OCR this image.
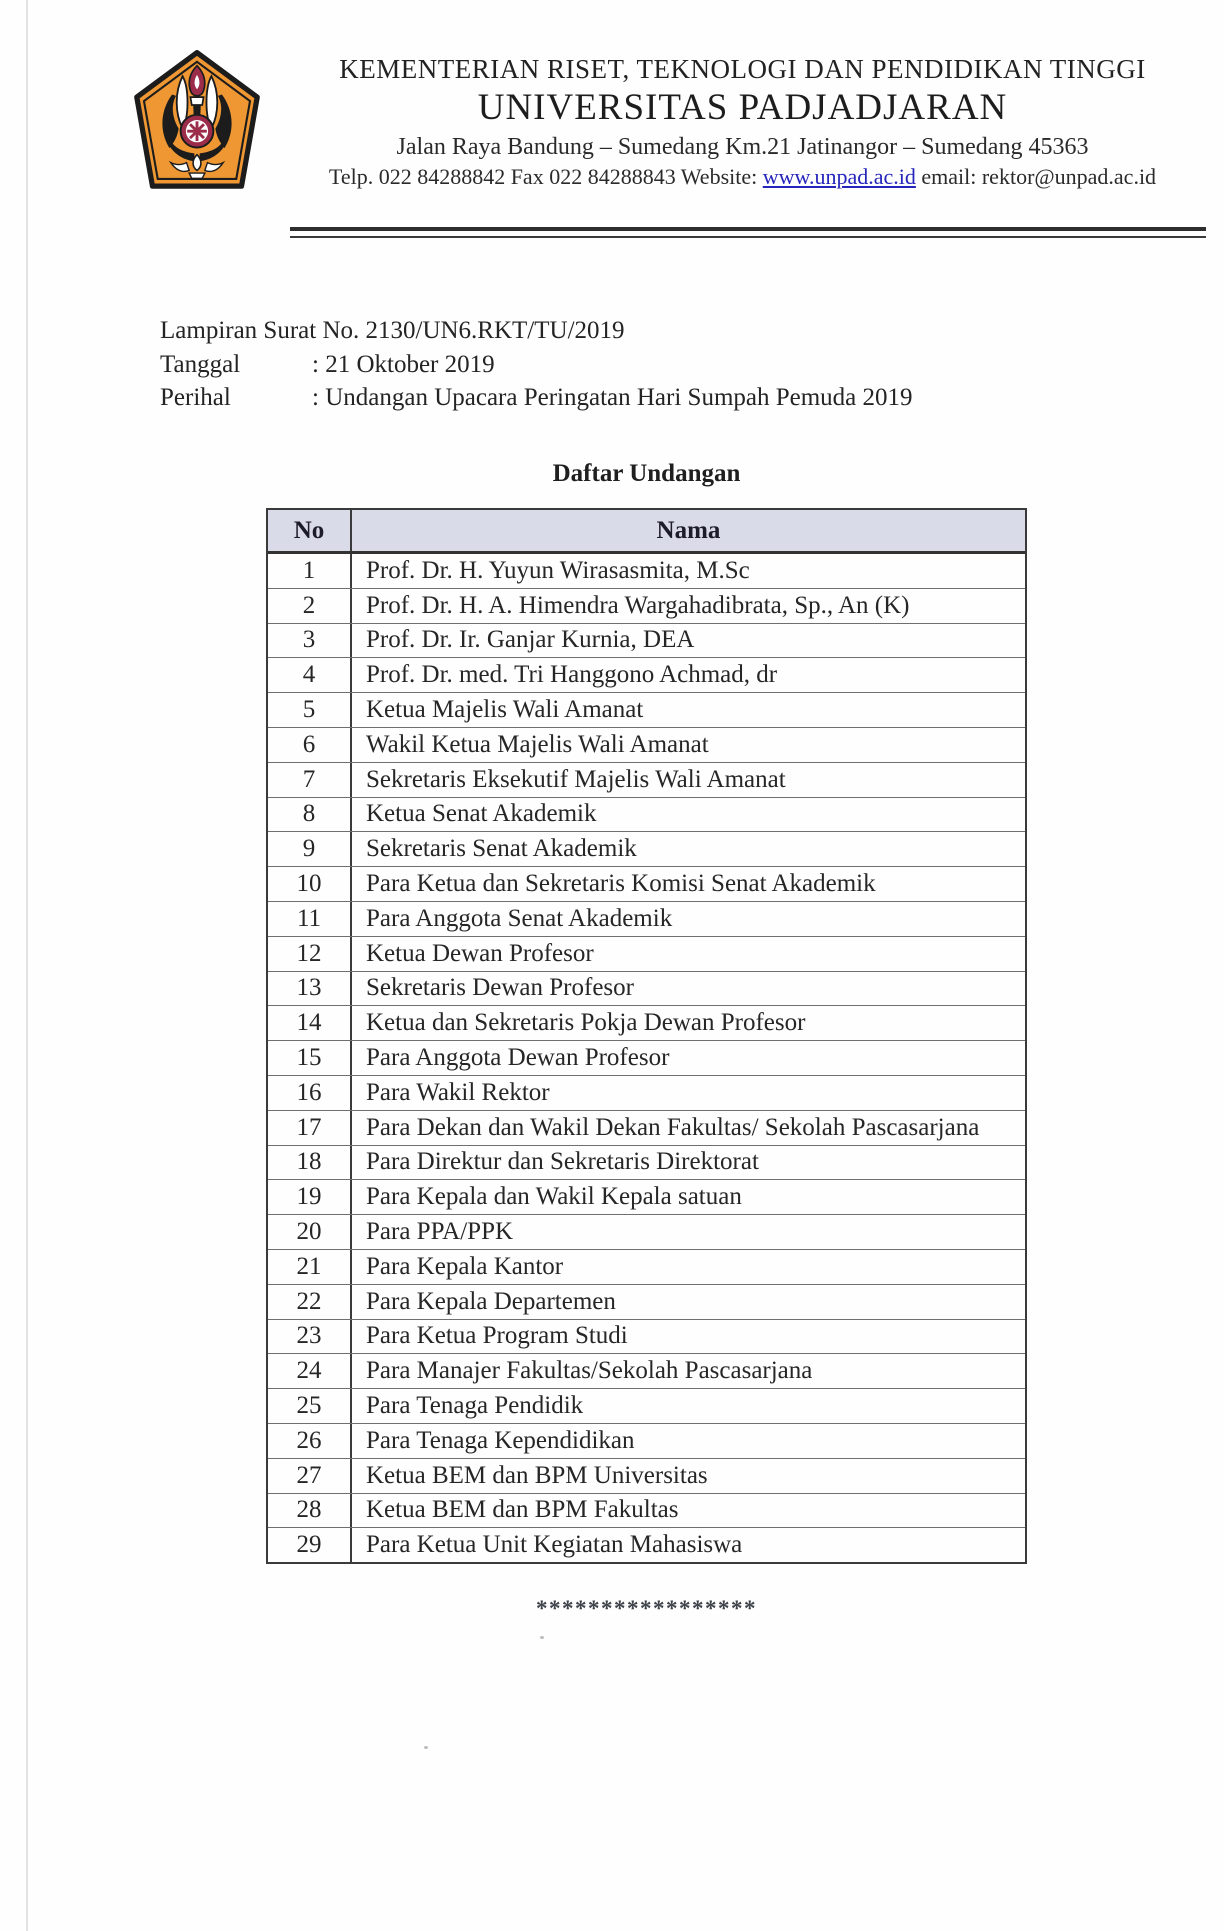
KEMENTERIAN RISET, TEKNOLOGI DAN PENDIDIKAN TINGGI
UNIVERSITAS PADJADJARAN
Jalan Raya Bandung – Sumedang Km.21 Jatinangor – Sumedang 45363
Telp. 022 84288842 Fax 022 84288843 Website: www.unpad.ac.id email: rektor@unpad.ac.id
Lampiran Surat No. 2130/UN6.RKT/TU/2019
Tanggal	: 21 Oktober 2019
Perihal	: Undangan Upacara Peringatan Hari Sumpah Pemuda 2019
Daftar Undangan
No	Nama
1	Prof. Dr. H. Yuyun Wirasasmita, M.Sc
2	Prof. Dr. H. A. Himendra Wargahadibrata, Sp., An (K)
3	Prof. Dr. Ir. Ganjar Kurnia, DEA
4	Prof. Dr. med. Tri Hanggono Achmad, dr
5	Ketua Majelis Wali Amanat
6	Wakil Ketua Majelis Wali Amanat
7	Sekretaris Eksekutif Majelis Wali Amanat
8	Ketua Senat Akademik
9	Sekretaris Senat Akademik
10	Para Ketua dan Sekretaris Komisi Senat Akademik
11	Para Anggota Senat Akademik
12	Ketua Dewan Profesor
13	Sekretaris Dewan Profesor
14	Ketua dan Sekretaris Pokja Dewan Profesor
15	Para Anggota Dewan Profesor
16	Para Wakil Rektor
17	Para Dekan dan Wakil Dekan Fakultas/ Sekolah Pascasarjana
18	Para Direktur dan Sekretaris Direktorat
19	Para Kepala dan Wakil Kepala satuan
20	Para PPA/PPK
21	Para Kepala Kantor
22	Para Kepala Departemen
23	Para Ketua Program Studi
24	Para Manajer Fakultas/Sekolah Pascasarjana
25	Para Tenaga Pendidik
26	Para Tenaga Kependidikan
27	Ketua BEM dan BPM Universitas
28	Ketua BEM dan BPM Fakultas
29	Para Ketua Unit Kegiatan Mahasiswa
*****************
